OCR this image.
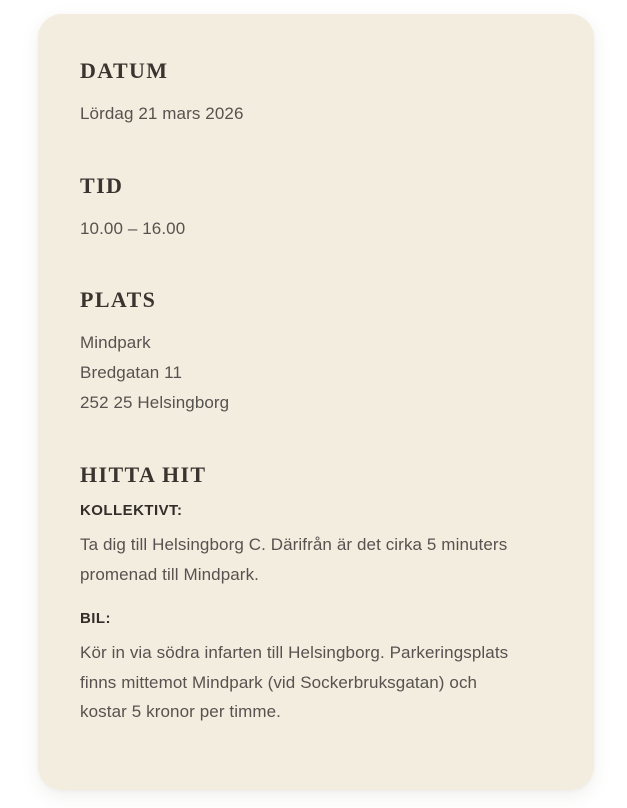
DATUM

Lördag 21 mars 2026

TID

10.00 – 16.00

PLATS

Mindpark

Bredgatan 11

252 25 Helsingborg

HITTA HIT

KOLLEKTIVT:

Ta dig till Helsingborg C. Därifrån är det cirka 5 minuters promenad till Mindpark.

BIL:

Kör in via södra infarten till Helsingborg. Parkeringsplats finns mittemot Mindpark (vid Sockerbruksgatan) och kostar 5 kronor per timme.
